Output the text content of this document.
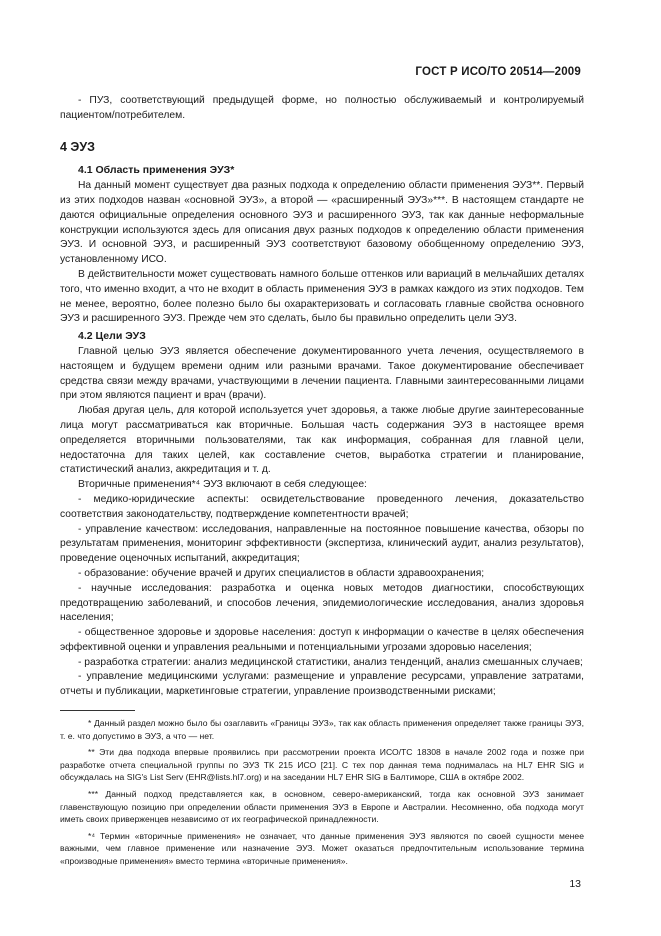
ГОСТ Р ИСО/ТО 20514—2009

- ПУЗ, соответствующий предыдущей форме, но полностью обслуживаемый и контролируемый пациентом/потребителем.

4 ЭУЗ
4.1 Область применения ЭУЗ*

На данный момент существует два разных подхода к определению области применения ЭУЗ**. Первый из этих подходов назван «основной ЭУЗ», а второй — «расширенный ЭУЗ»***. В настоящем стандарте не даются официальные определения основного ЭУЗ и расширенного ЭУЗ, так как данные неформальные конструкции используются здесь для описания двух разных подходов к определению области применения ЭУЗ. И основной ЭУЗ, и расширенный ЭУЗ соответствуют базовому обобщенному определению ЭУЗ, установленному ИСО.

В действительности может существовать намного больше оттенков или вариаций в мельчайших деталях того, что именно входит, а что не входит в область применения ЭУЗ в рамках каждого из этих подходов. Тем не менее, вероятно, более полезно было бы охарактеризовать и согласовать главные свойства основного ЭУЗ и расширенного ЭУЗ. Прежде чем это сделать, было бы правильно определить цели ЭУЗ.

4.2 Цели ЭУЗ

Главной целью ЭУЗ является обеспечение документированного учета лечения, осуществляемого в настоящем и будущем времени одним или разными врачами. Такое документирование обеспечивает средства связи между врачами, участвующими в лечении пациента. Главными заинтересованными лицами при этом являются пациент и врач (врачи).

Любая другая цель, для которой используется учет здоровья, а также любые другие заинтересованные лица могут рассматриваться как вторичные. Большая часть содержания ЭУЗ в настоящее время определяется вторичными пользователями, так как информация, собранная для главной цели, недостаточна для таких целей, как составление счетов, выработка стратегии и планирование, статистический анализ, аккредитация и т. д.

Вторичные применения*⁴ ЭУЗ включают в себя следующее:

- медико-юридические аспекты: освидетельствование проведенного лечения, доказательство соответствия законодательству, подтверждение компетентности врачей;

- управление качеством: исследования, направленные на постоянное повышение качества, обзоры по результатам применения, мониторинг эффективности (экспертиза, клинический аудит, анализ результатов), проведение оценочных испытаний, аккредитация;

- образование: обучение врачей и других специалистов в области здравоохранения;

- научные исследования: разработка и оценка новых методов диагностики, способствующих предотвращению заболеваний, и способов лечения, эпидемиологические исследования, анализ здоровья населения;

- общественное здоровье и здоровье населения: доступ к информации о качестве в целях обеспечения эффективной оценки и управления реальными и потенциальными угрозами здоровью населения;

- разработка стратегии: анализ медицинской статистики, анализ тенденций, анализ смешанных случаев;

- управление медицинскими услугами: размещение и управление ресурсами, управление затратами, отчеты и публикации, маркетинговые стратегии, управление производственными рисками;

* Данный раздел можно было бы озаглавить «Границы ЭУЗ», так как область применения определяет также границы ЭУЗ, т. е. что допустимо в ЭУЗ, а что — нет.

** Эти два подхода впервые проявились при рассмотрении проекта ИСО/ТС 18308 в начале 2002 года и позже при разработке отчета специальной группы по ЭУЗ ТК 215 ИСО [21]. С тех пор данная тема поднималась на HL7 EHR SIG и обсуждалась на SIG's List Serv (EHR@lists.hl7.org) и на заседании HL7 EHR SIG в Балтиморе, США в октябре 2002.

*** Данный подход представляется как, в основном, северо-американский, тогда как основной ЭУЗ занимает главенствующую позицию при определении области применения ЭУЗ в Европе и Австралии. Несомненно, оба подхода могут иметь своих приверженцев независимо от их географической принадлежности.

*⁴ Термин «вторичные применения» не означает, что данные применения ЭУЗ являются по своей сущности менее важными, чем главное применение или назначение ЭУЗ. Может оказаться предпочтительным использование термина «производные применения» вместо термина «вторичные применения».

13
